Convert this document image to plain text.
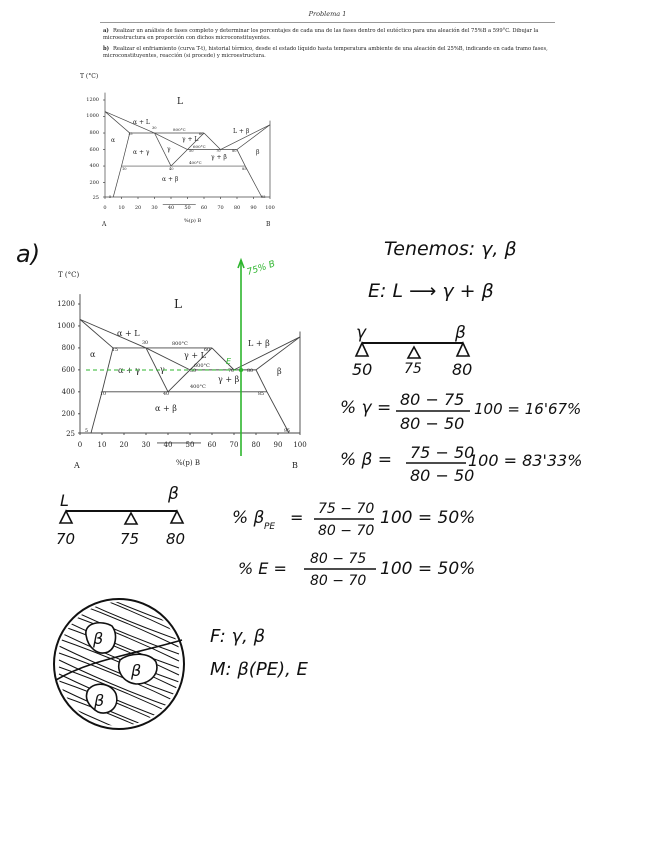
Problema 1
a) Realizar un análisis de fases completo y determinar los porcentajes de cada una de las fases dentro del eutéctico para una aleación del 75%B a 599°C. Dibujar la microestructura en proporción con dichos microconstituyentes.
b) Realizar el enfriamiento (curva T-t), historial térmico, desde el estado líquido hasta temperatura ambiente de una aleación del 25%B, indicando en cada tramo fases, microconstituyentes, reacción (si procede) y microestructura.
T (°C)
1200
1000
800
600
400
200
25
0 10 20 30 40 50 60 70 80 90 100
%(p) B
A	B
L
α + L
L + β
α	γ + L
γ	β
α + γ
γ + β
α + β
800°C
600°C
400°C
15
30
60
50	70	80
10	40	85
5	95
T (°C)
1200
1000
800
600
400
200
25
0 10 20 30 40 50 60 70 80 90 100
%(p) B
A	B
L
α + L
L + β
α	γ + L
γ	β
α + γ
γ + β
α + β
800°C
600°C
400°C
15
30
60
50	70	80
10	40	85
5	95
75% B
E
a)	Tenemos: γ, β
E: L ⟶ γ + β
γ	β
50 75 80
% γ = 80 − 75
80 − 50
100 = 16'67%
% β = 75 − 50
80 − 50
100 = 83'33%
L	β
70	75 80
% β PE = 75 − 70
80 − 70
100 = 50%
% E = 80 − 75
80 − 70
100 = 50%
F: γ, β
M: β(PE), E
β
β
β
